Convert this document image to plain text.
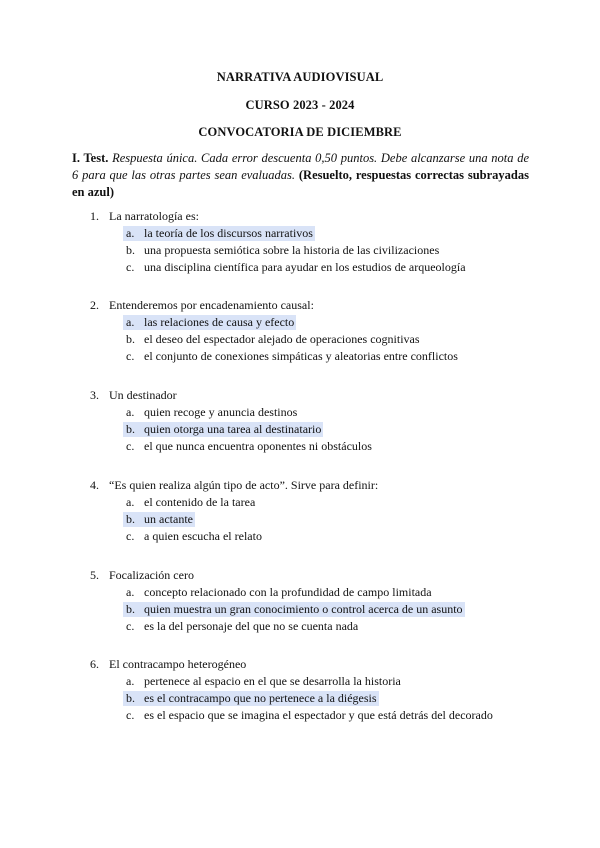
NARRATIVA AUDIOVISUAL
CURSO 2023 - 2024
CONVOCATORIA DE DICIEMBRE
I. Test. Respuesta única. Cada error descuenta 0,50 puntos. Debe alcanzarse una nota de 6 para que las otras partes sean evaluadas. (Resuelto, respuestas correctas subrayadas en azul)
1. La narratología es:
a. la teoría de los discursos narrativos
b. una propuesta semiótica sobre la historia de las civilizaciones
c. una disciplina científica para ayudar en los estudios de arqueología
2. Entenderemos por encadenamiento causal:
a. las relaciones de causa y efecto
b. el deseo del espectador alejado de operaciones cognitivas
c. el conjunto de conexiones simpáticas y aleatorias entre conflictos
3. Un destinador
a. quien recoge y anuncia destinos
b. quien otorga una tarea al destinatario
c. el que nunca encuentra oponentes ni obstáculos
4. “Es quien realiza algún tipo de acto”. Sirve para definir:
a. el contenido de la tarea
b. un actante
c. a quien escucha el relato
5. Focalización cero
a. concepto relacionado con la profundidad de campo limitada
b. quien muestra un gran conocimiento o control acerca de un asunto
c. es la del personaje del que no se cuenta nada
6. El contracampo heterogéneo
a. pertenece al espacio en el que se desarrolla la historia
b. es el contracampo que no pertenece a la diégesis
c. es el espacio que se imagina el espectador y que está detrás del decorado
